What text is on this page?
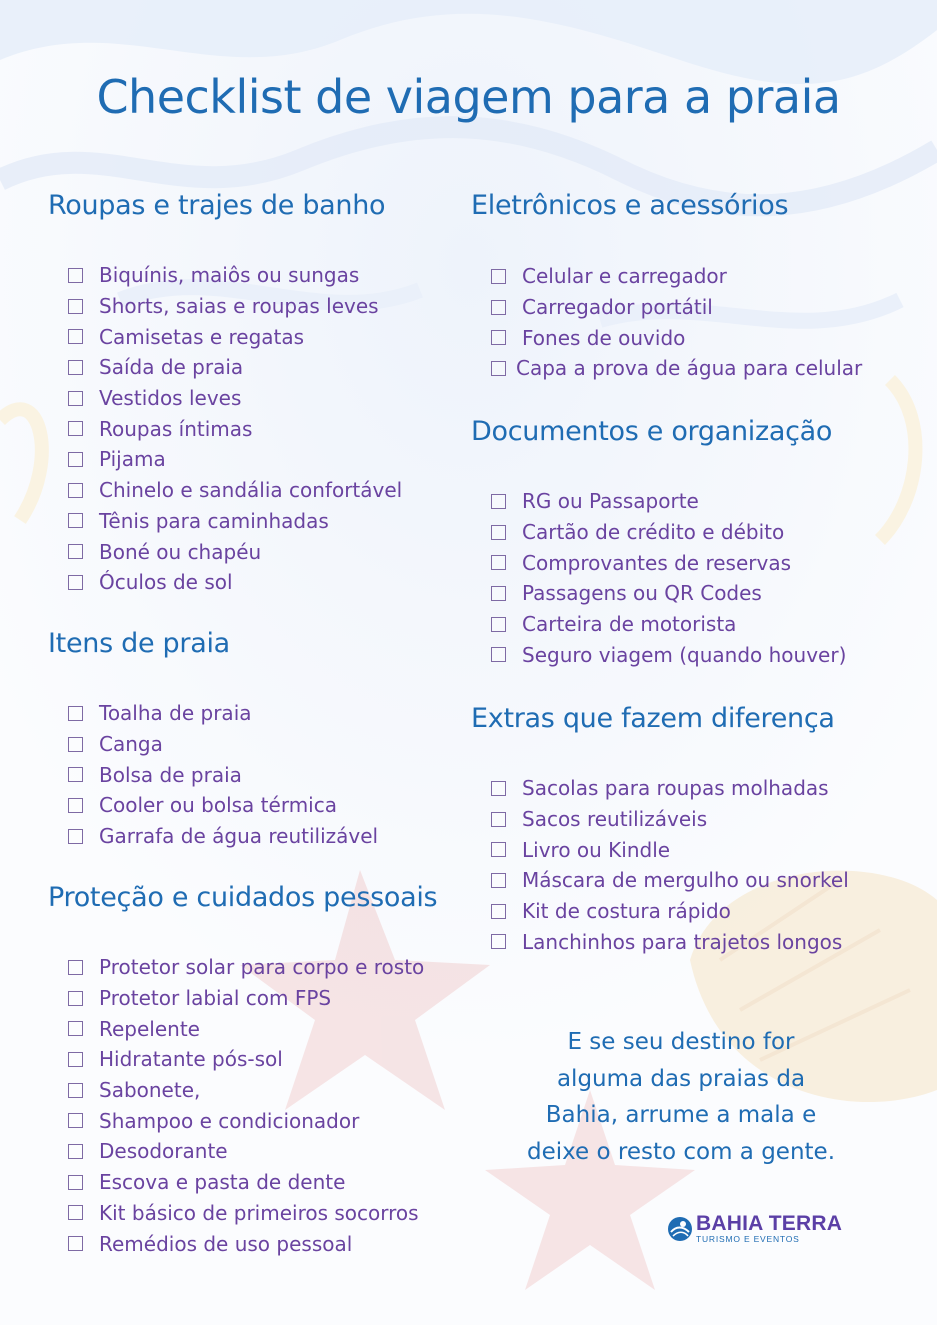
Checklist de viagem para a praia
Roupas e trajes de banho
Biquínis, maiôs ou sungas
Shorts, saias e roupas leves
Camisetas e regatas
Saída de praia
Vestidos leves
Roupas íntimas
Pijama
Chinelo e sandália confortável
Tênis para caminhadas
Boné ou chapéu
Óculos de sol
Itens de praia
Toalha de praia
Canga
Bolsa de praia
Cooler ou bolsa térmica
Garrafa de água reutilizável
Proteção e cuidados pessoais
Protetor solar para corpo e rosto
Protetor labial com FPS
Repelente
Hidratante pós-sol
Sabonete,
Shampoo e condicionador
Desodorante
Escova e pasta de dente
Kit básico de primeiros socorros
Remédios de uso pessoal
Eletrônicos e acessórios
Celular e carregador
Carregador portátil
Fones de ouvido
Capa a prova de água para celular
Documentos e organização
RG ou Passaporte
Cartão de crédito e débito
Comprovantes de reservas
Passagens ou QR Codes
Carteira de motorista
Seguro viagem (quando houver)
Extras que fazem diferença
Sacolas para roupas molhadas
Sacos reutilizáveis
Livro ou Kindle
Máscara de mergulho ou snorkel
Kit de costura rápido
Lanchinhos para trajetos longos
E se seu destino for
alguma das praias da
Bahia, arrume a mala e
deixe o resto com a gente.
BAHIA TERRA
TURISMO E EVENTOS
